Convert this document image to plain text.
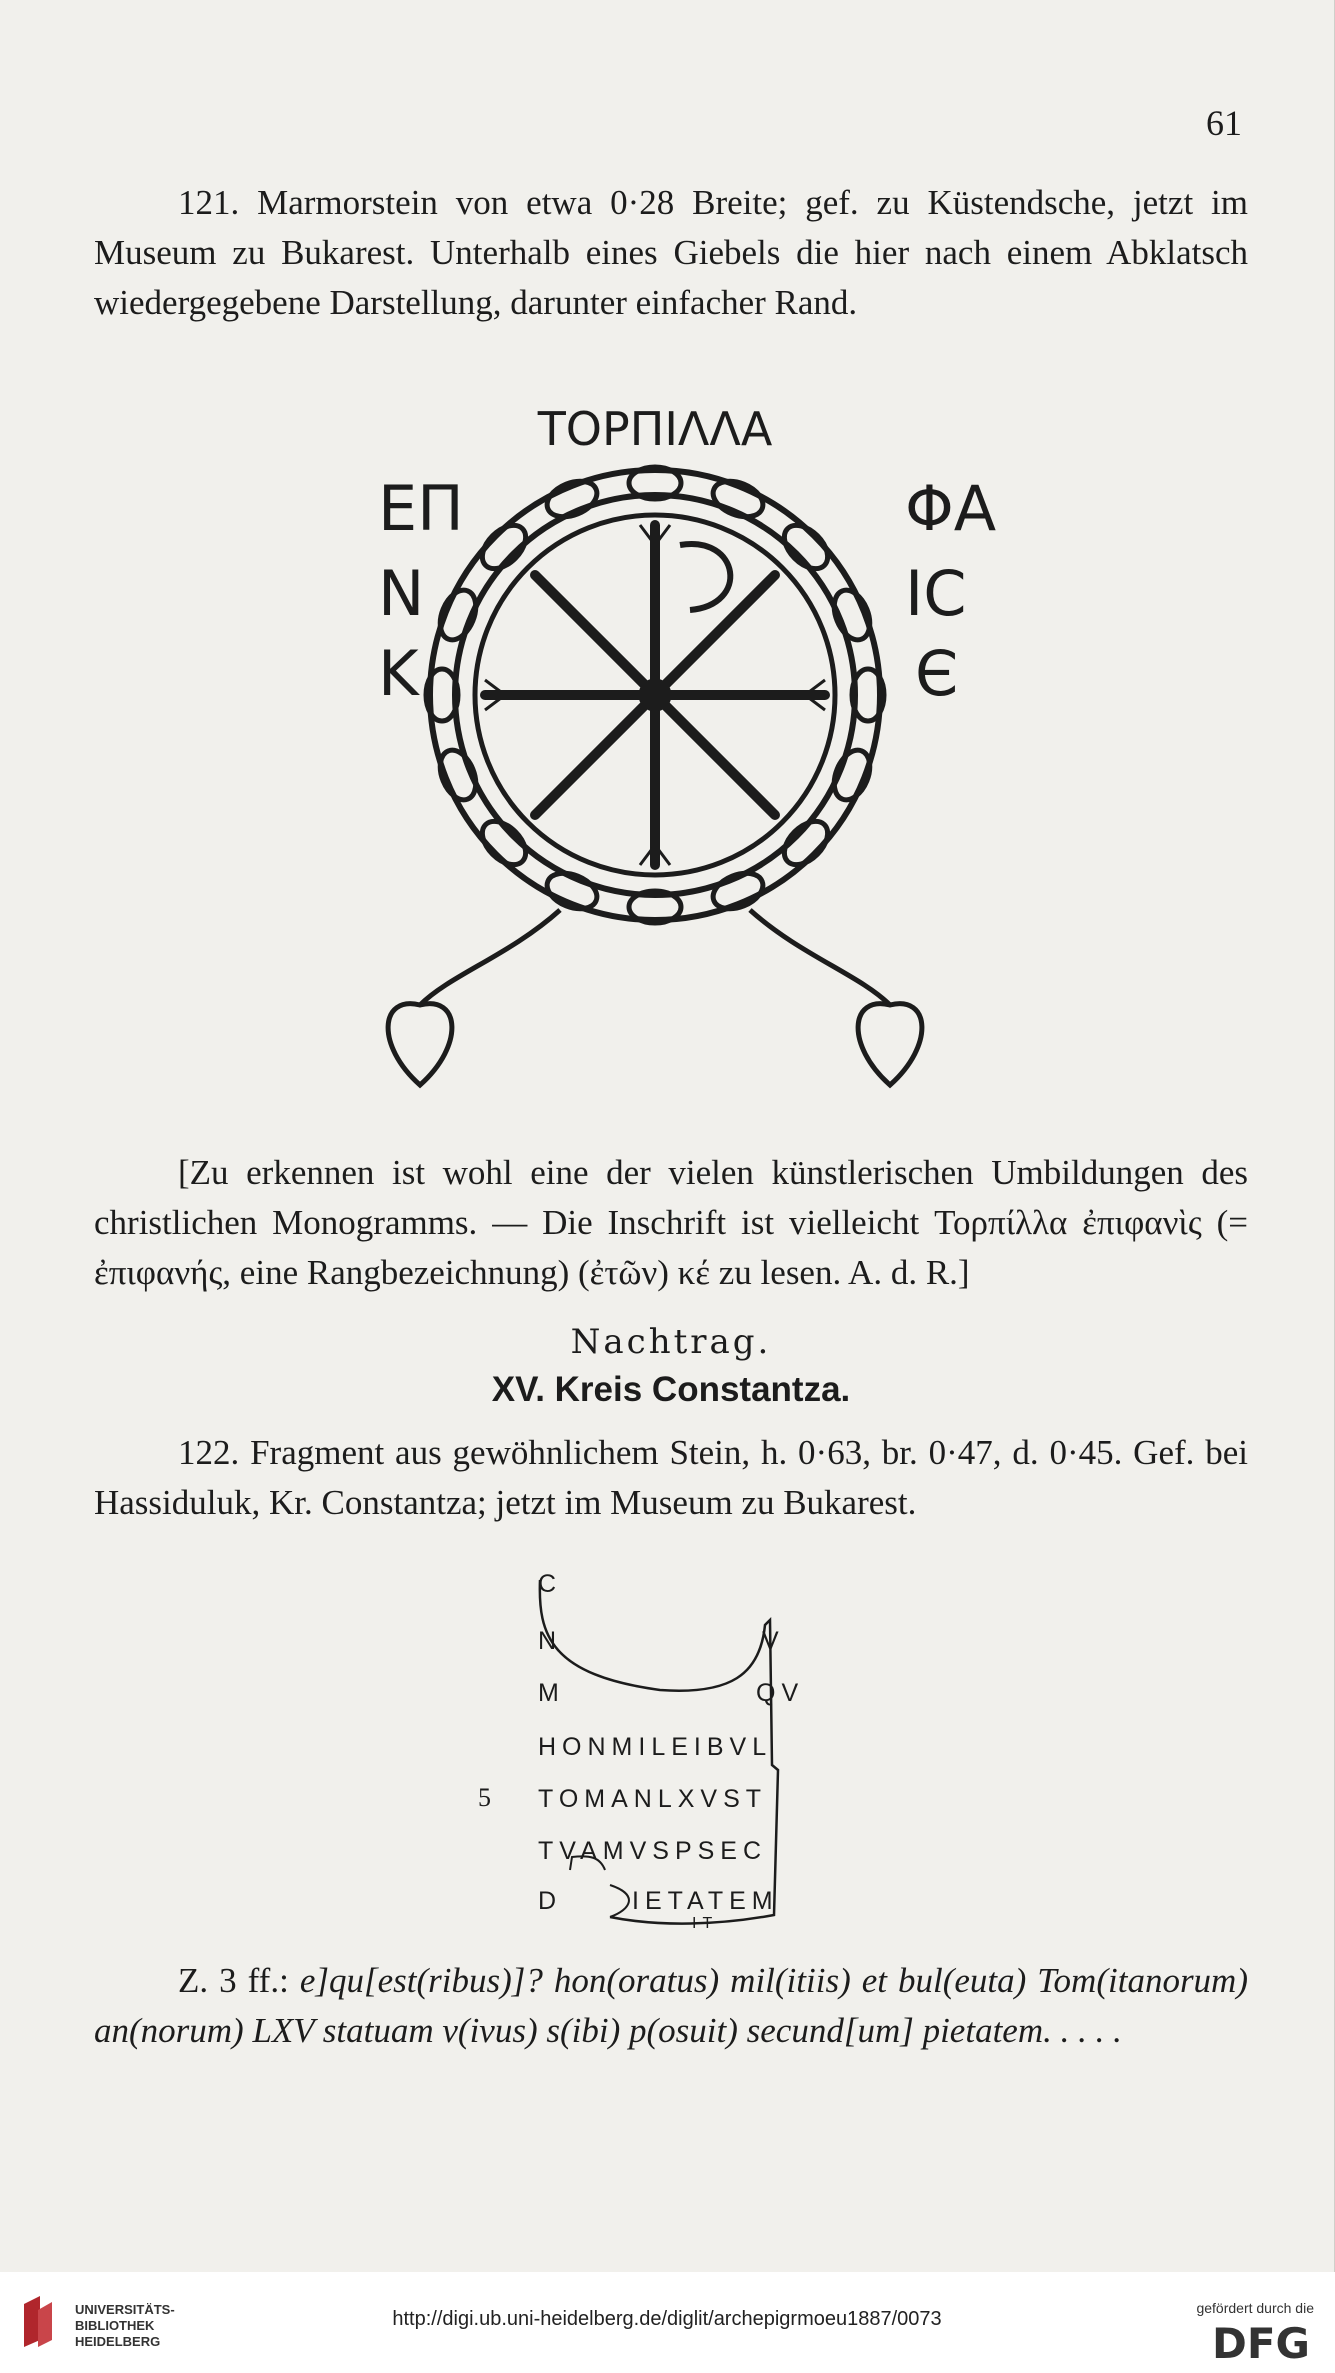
61

121. Marmorstein von etwa 0·28 Breite; gef. zu Küstendsche, jetzt im Museum zu Bukarest. Unterhalb eines Giebels die hier nach einem Abklatsch wiedergegebene Darstellung, darunter einfacher Rand.

ΤΟΡΠΙΛΛΑ
ΕΠ
Ν
Κ
ΦΑ
ΙC
Є

[Zu erkennen ist wohl eine der vielen künstlerischen Umbildungen des christlichen Monogramms. — Die Inschrift ist vielleicht Τορπίλλα ἐπιφανὶς (= ἐπιφανής, eine Rangbezeichnung) (ἐτῶν) κέ zu lesen. A. d. R.]

Nachtrag.

XV. Kreis Constantza.

122. Fragment aus gewöhnlichem Stein, h. 0·63, br. 0·47, d. 0·45. Gef. bei Hassiduluk, Kr. Constantza; jetzt im Museum zu Bukarest.

C

N	V

M	QV

HONMILEIBVL

5 TOMANLXVST

TVAMVSPSEC

D	IETATEM

IT

Z. 3 ff.: e]qu[est(ribus)]? hon(oratus) mil(itiis) et bul(euta) Tom(itanorum) an(norum) LXV statuam v(ivus) s(ibi) p(osuit) secund[um] pietatem. . . . .

UNIVERSITÄTS-

BIBLIOTHEK

HEIDELBERG

http://digi.ub.uni-heidelberg.de/diglit/archepigrmoeu1887/0073	gefördert durch die

DFG
